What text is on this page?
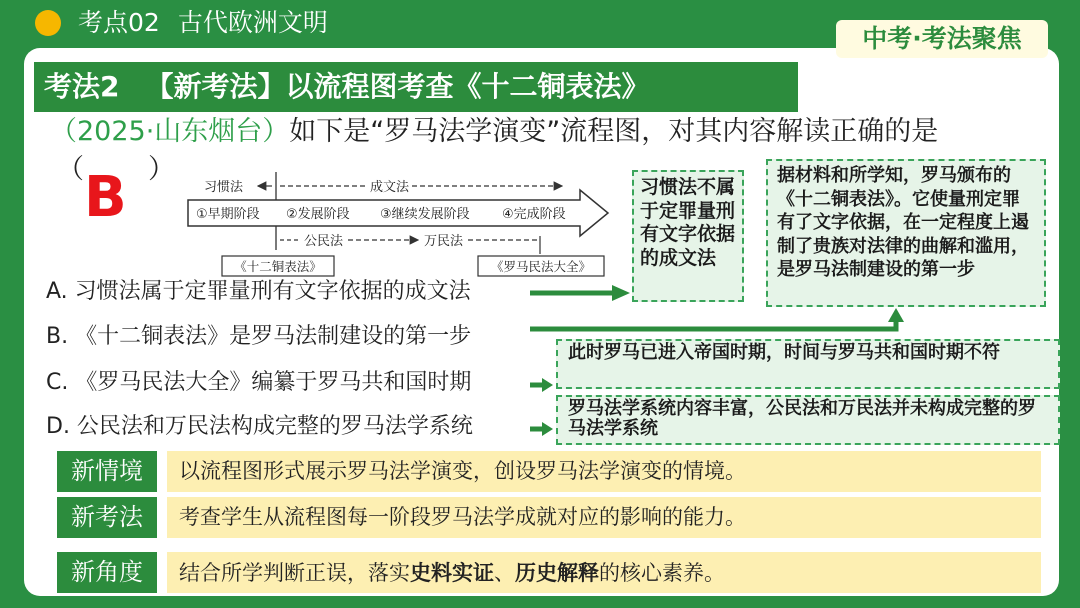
考点02 古代欧洲文明
中考·考法聚焦
考法2 【新考法】以流程图考查《十二铜表法》
（2025·山东烟台）如下是“罗马法学演变”流程图，对其内容解读正确的是
（ ）
B	习惯法	成文法
①早期阶段 ②发展阶段 ③继续发展阶段 ④完成阶段
公民法	万民法
《十二铜表法》	《罗马民法大全》
A. 习惯法属于定罪量刑有文字依据的成文法
B. 《十二铜表法》是罗马法制建设的第一步
C. 《罗马民法大全》编纂于罗马共和国时期
D. 公民法和万民法构成完整的罗马法学系统
习惯法不属于定罪量刑有文字依据的成文法
据材料和所学知，罗马颁布的《十二铜表法》。它使量刑定罪有了文字依据，在一定程度上遏制了贵族对法律的曲解和滥用，是罗马法制建设的第一步
此时罗马已进入帝国时期，时间与罗马共和国时期不符
罗马法学系统内容丰富，公民法和万民法并未构成完整的罗马法学系统
新情境	以流程图形式展示罗马法学演变，创设罗马法学演变的情境。
新考法	考查学生从流程图每一阶段罗马法学成就对应的影响的能力。
新角度	结合所学判断正误，落实史料实证、历史解释的核心素养。
